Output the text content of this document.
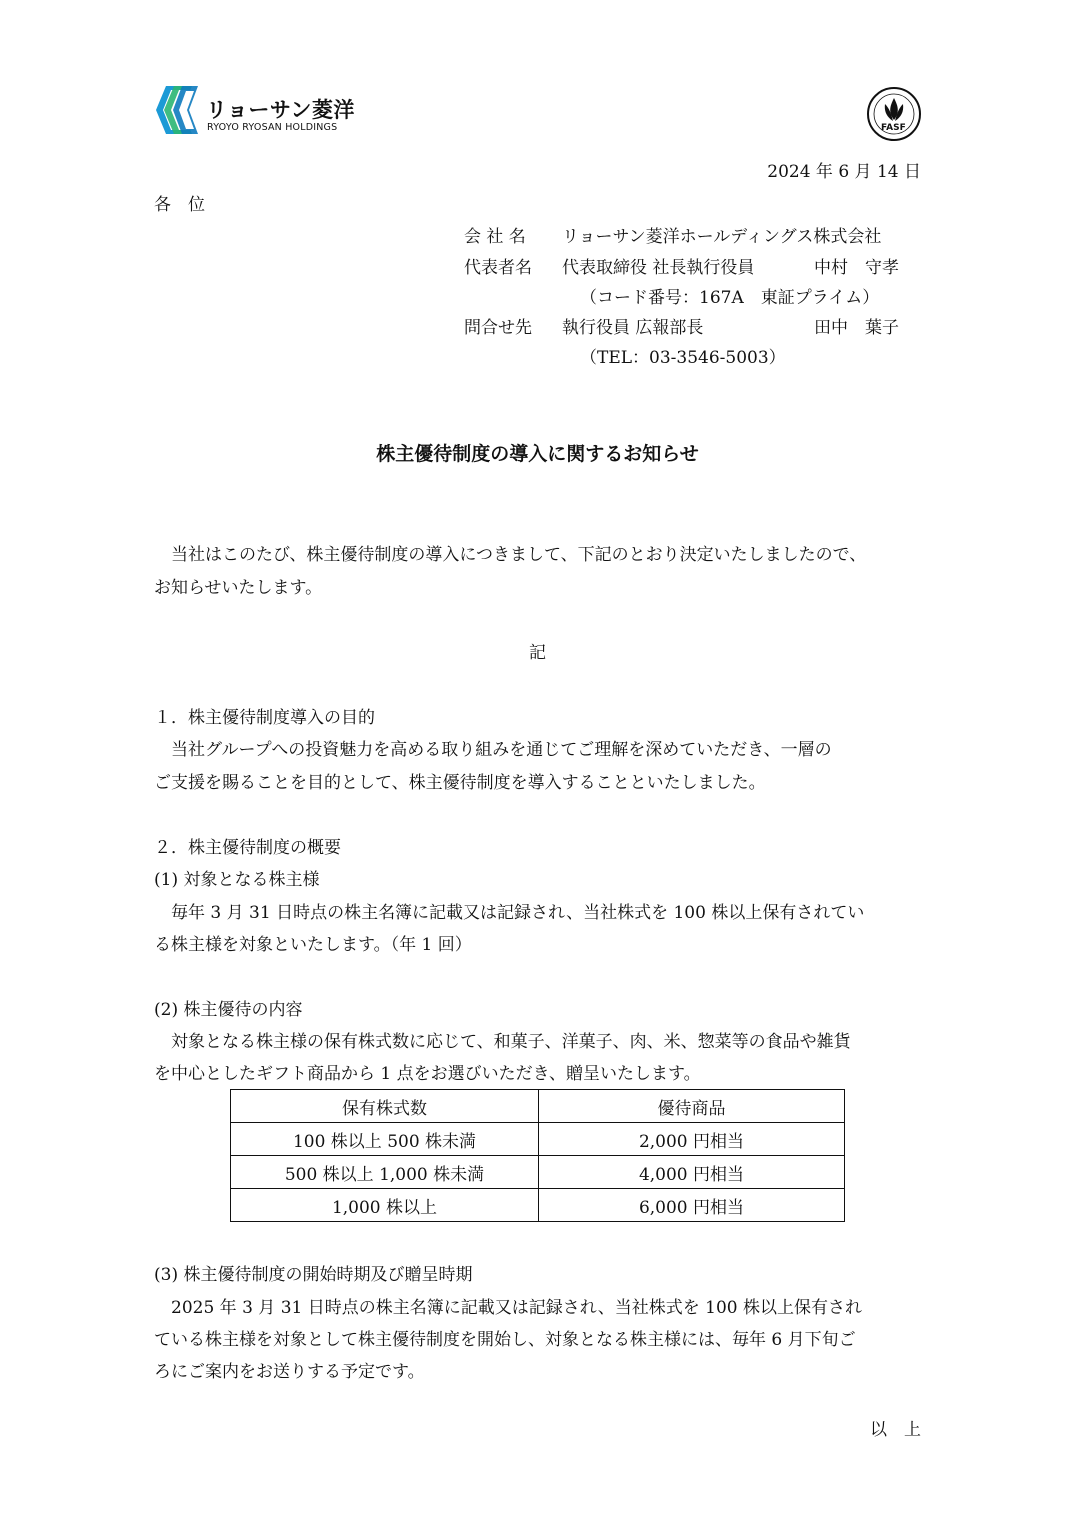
リョーサン菱洋
RYOYO RYOSAN HOLDINGS	FASF
2024 年 6 月 14 日
各　位
会 社 名 リョーサン菱洋ホールディングス株式会社
代表者名 代表取締役 社長執行役員	中村　守孝
（コード番号：167A　東証プライム）
問合せ先 執行役員 広報部長	田中　葉子
（TEL：03-3546-5003）
株主優待制度の導入に関するお知らせ
　当社はこのたび、株主優待制度の導入につきまして、下記のとおり決定いたしましたので、
お知らせいたします。
記
１．株主優待制度導入の目的
　当社グループへの投資魅力を高める取り組みを通じてご理解を深めていただき、一層の
ご支援を賜ることを目的として、株主優待制度を導入することといたしました。
２．株主優待制度の概要
(1) 対象となる株主様
　毎年 3 月 31 日時点の株主名簿に記載又は記録され、当社株式を 100 株以上保有されてい
る株主様を対象といたします。（年 1 回）
(2) 株主優待の内容
　対象となる株主様の保有株式数に応じて、和菓子、洋菓子、肉、米、惣菜等の食品や雑貨
を中心としたギフト商品から 1 点をお選びいただき、贈呈いたします。
保有株式数	優待商品
100 株以上 500 株未満	2,000 円相当
500 株以上 1,000 株未満	4,000 円相当
1,000 株以上	6,000 円相当
(3) 株主優待制度の開始時期及び贈呈時期
　2025 年 3 月 31 日時点の株主名簿に記載又は記録され、当社株式を 100 株以上保有され
ている株主様を対象として株主優待制度を開始し、対象となる株主様には、毎年 6 月下旬ご
ろにご案内をお送りする予定です。
以　上
